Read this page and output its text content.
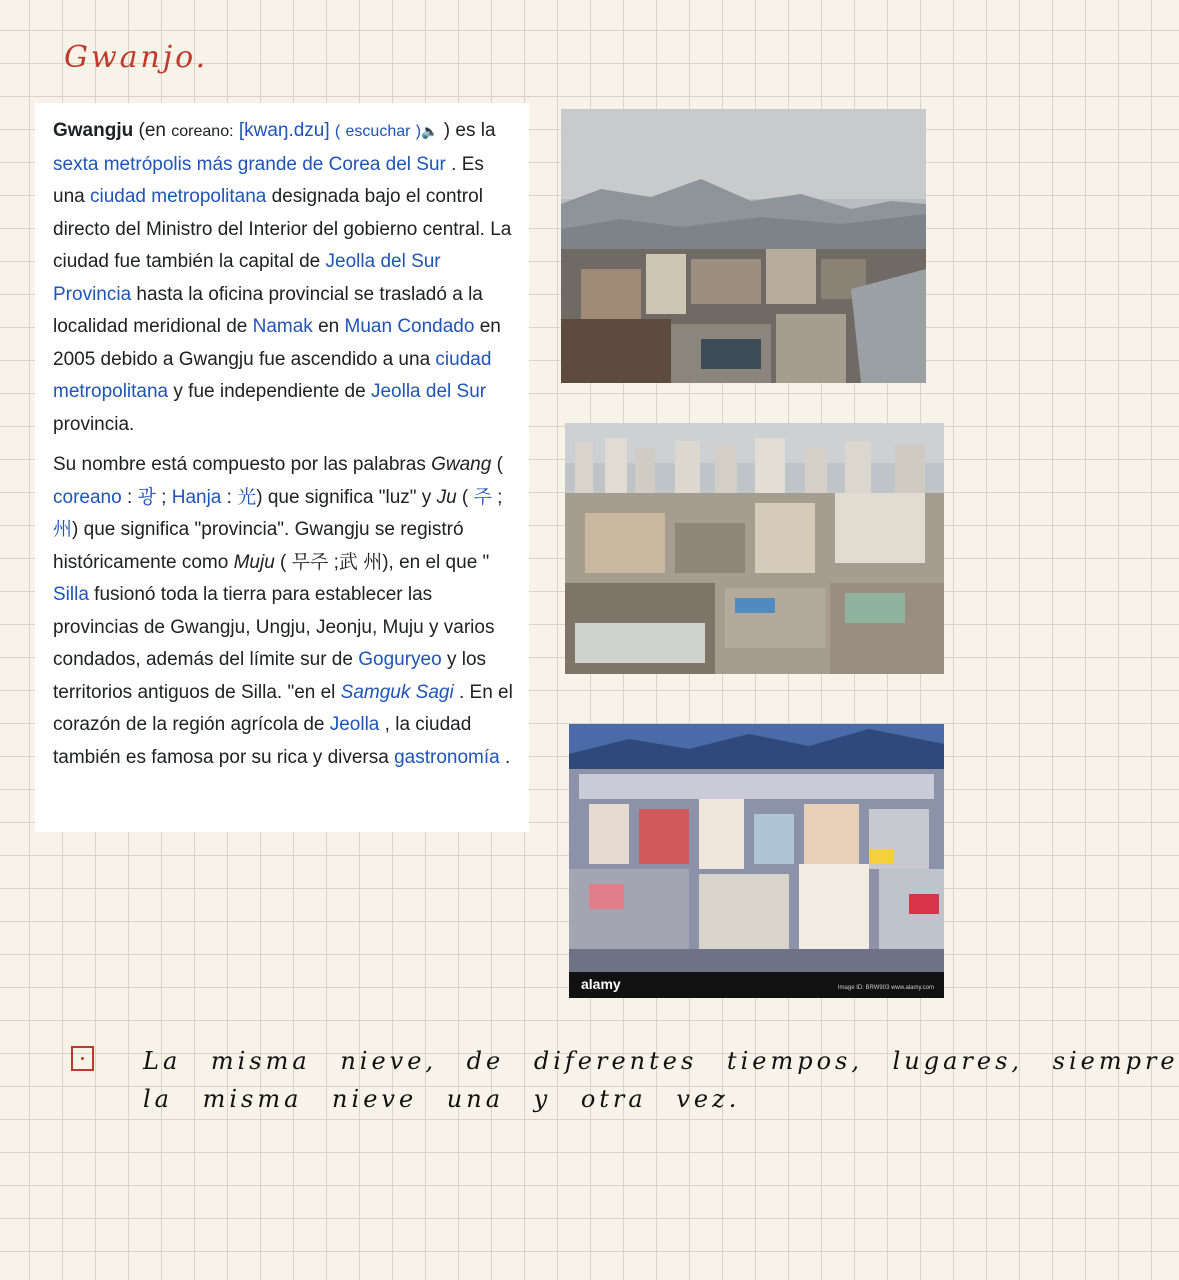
Gwanjo.

Gwangju (en coreano: [kwaŋ.dzu] ( escuchar )🔈 ) es la sexta metrópolis más grande de Corea del Sur . Es una ciudad metropolitana designada bajo el control directo del Ministro del Interior del gobierno central. La ciudad fue también la capital de Jeolla del Sur Provincia hasta la oficina provincial se trasladó a la localidad meridional de Namak en Muan Condado en 2005 debido a Gwangju fue ascendido a una ciudad metropolitana y fue independiente de Jeolla del Sur provincia.

Su nombre está compuesto por las palabras Gwang ( coreano : 광 ; Hanja : 光) que significa "luz" y Ju ( 주 ;州) que significa "provincia". Gwangju se registró históricamente como Muju ( 무주 ;武 州), en el que " Silla fusionó toda la tierra para establecer las provincias de Gwangju, Ungju, Jeonju, Muju y varios condados, además del límite sur de Goguryeo y los territorios antiguos de Silla. "en el Samguk Sagi . En el corazón de la región agrícola de Jeolla , la ciudad también es famosa por su rica y diversa gastronomía .

alamy	Image ID: BRW903 www.alamy.com
La misma nieve, de diferentes tiempos, lugares, siempre
la misma nieve una y otra vez.
